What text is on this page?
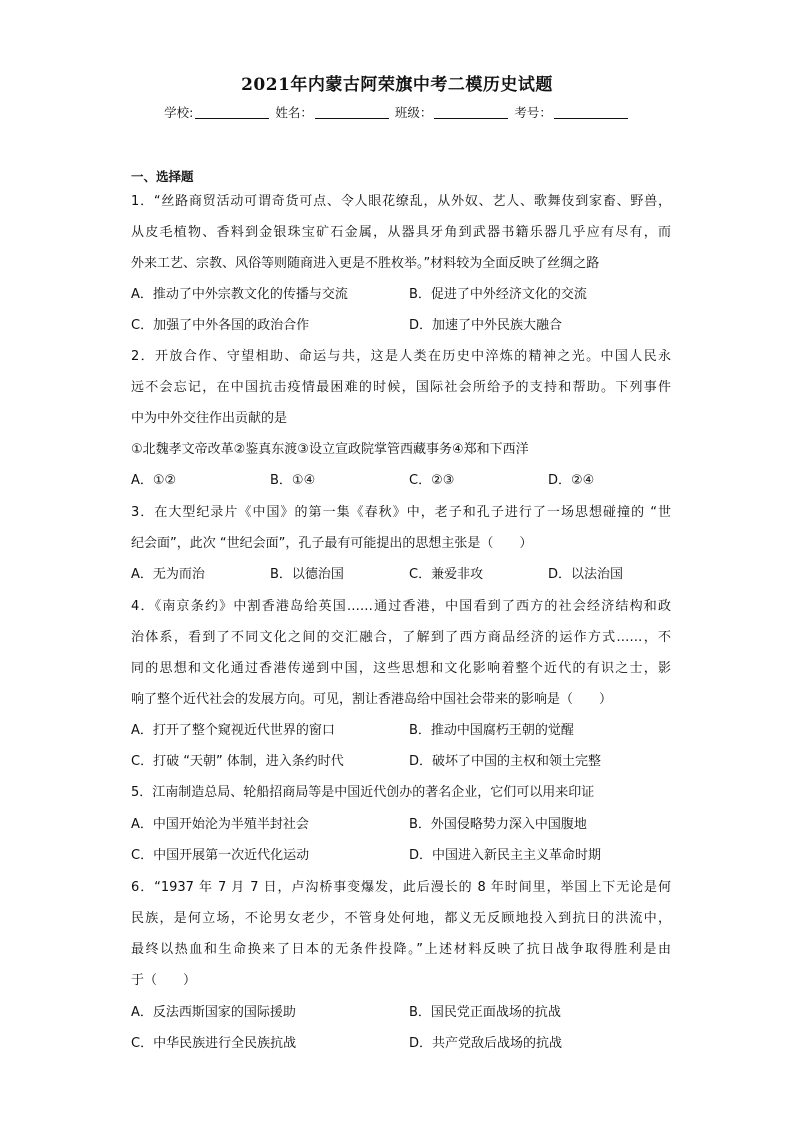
2021年内蒙古阿荣旗中考二模历史试题
学校:	姓名：	班级：	考号：
一、选择题
1．“丝路商贸活动可谓奇货可点、令人眼花缭乱，从外奴、艺人、歌舞伎到家畜、野兽，
从皮毛植物、香料到金银珠宝矿石金属，从器具牙角到武器书籍乐器几乎应有尽有，而
外来工艺、宗教、风俗等则随商进入更是不胜枚举。”材料较为全面反映了丝绸之路
A．推动了中外宗教文化的传播与交流	B．促进了中外经济文化的交流
C．加强了中外各国的政治合作	D．加速了中外民族大融合
2．开放合作、守望相助、命运与共，这是人类在历史中淬炼的精神之光。中国人民永
远不会忘记，在中国抗击疫情最困难的时候，国际社会所给予的支持和帮助。下列事件
中为中外交往作出贡献的是
①北魏孝文帝改革②鉴真东渡③设立宣政院掌管西藏事务④郑和下西洋
A．①②	B．①④	C．②③	D．②④
3．在大型纪录片《中国》的第一集《春秋》中，老子和孔子进行了一场思想碰撞的 “世
纪会面”，此次 “世纪会面”，孔子最有可能提出的思想主张是（　　）
A．无为而治	B．以德治国	C．兼爱非攻	D．以法治国
4．《南京条约》中割香港岛给英国……通过香港，中国看到了西方的社会经济结构和政
治体系，看到了不同文化之间的交汇融合，了解到了西方商品经济的运作方式……，不
同的思想和文化通过香港传递到中国，这些思想和文化影响着整个近代的有识之士，影
响了整个近代社会的发展方向。可见，割让香港岛给中国社会带来的影响是（　　）
A．打开了整个窥视近代世界的窗口	B．推动中国腐朽王朝的觉醒
C．打破 “天朝” 体制，进入条约时代	D．破坏了中国的主权和领土完整
5．江南制造总局、轮船招商局等是中国近代创办的著名企业，它们可以用来印证
A．中国开始沦为半殖半封社会	B．外国侵略势力深入中国腹地
C．中国开展第一次近代化运动	D．中国进入新民主主义革命时期
6．“1937 年 7 月 7 日，卢沟桥事变爆发，此后漫长的 8 年时间里，举国上下无论是何
民族，是何立场，不论男女老少，不管身处何地，都义无反顾地投入到抗日的洪流中，
最终以热血和生命换来了日本的无条件投降。”上述材料反映了抗日战争取得胜利是由
于（　　）
A．反法西斯国家的国际援助	B．国民党正面战场的抗战
C．中华民族进行全民族抗战	D．共产党敌后战场的抗战
